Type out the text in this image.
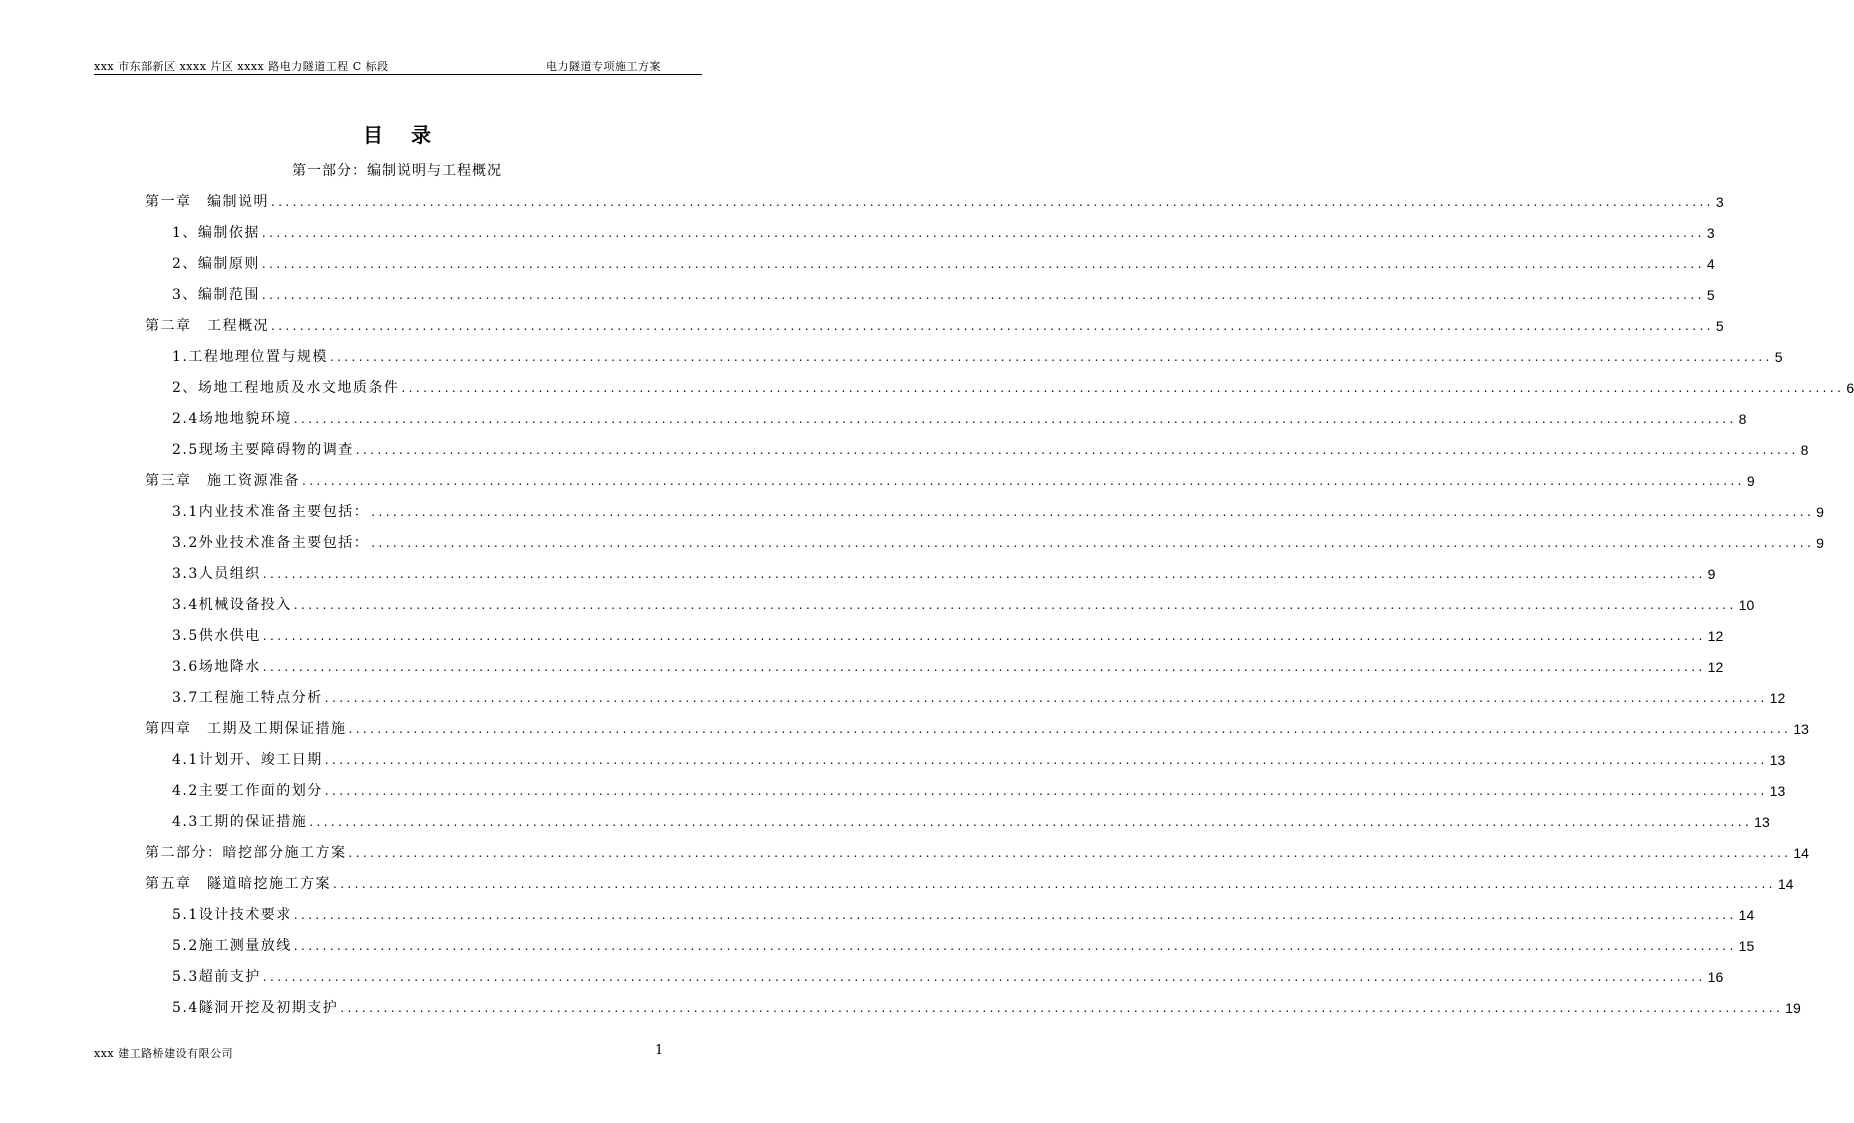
xxx 市东部新区 xxxx 片区 xxxx 路电力隧道工程 C 标段	电力隧道专项施工方案
目录
第一部分：编制说明与工程概况
第一章　编制说明 ........................................................................................................................................................................................................ 3
1、编制依据 ........................................................................................................................................................................................................ 3
2、编制原则 ........................................................................................................................................................................................................ 4
3、编制范围 ........................................................................................................................................................................................................ 5
第二章　工程概况 ........................................................................................................................................................................................................ 5
1.工程地理位置与规模 ........................................................................................................................................................................................................ 5
2、场地工程地质及水文地质条件 ........................................................................................................................................................................................................ 6
2.4场地地貌环境 ........................................................................................................................................................................................................ 8
2.5现场主要障碍物的调查 ........................................................................................................................................................................................................ 8
第三章　施工资源准备 ........................................................................................................................................................................................................ 9
3.1内业技术准备主要包括： ........................................................................................................................................................................................................ 9
3.2外业技术准备主要包括： ........................................................................................................................................................................................................ 9
3.3人员组织 ........................................................................................................................................................................................................ 9
3.4机械设备投入 ........................................................................................................................................................................................................ 10
3.5供水供电 ........................................................................................................................................................................................................ 12
3.6场地降水 ........................................................................................................................................................................................................ 12
3.7工程施工特点分析 ........................................................................................................................................................................................................ 12
第四章　工期及工期保证措施 ........................................................................................................................................................................................................ 13
4.1计划开、竣工日期 ........................................................................................................................................................................................................ 13
4.2主要工作面的划分 ........................................................................................................................................................................................................ 13
4.3工期的保证措施 ........................................................................................................................................................................................................ 13
第二部分：暗挖部分施工方案 ........................................................................................................................................................................................................ 14
第五章　隧道暗挖施工方案 ........................................................................................................................................................................................................ 14
5.1设计技术要求 ........................................................................................................................................................................................................ 14
5.2施工测量放线 ........................................................................................................................................................................................................ 15
5.3超前支护 ........................................................................................................................................................................................................ 16
5.4隧洞开挖及初期支护 ........................................................................................................................................................................................................ 19
xxx 建工路桥建设有限公司	1
